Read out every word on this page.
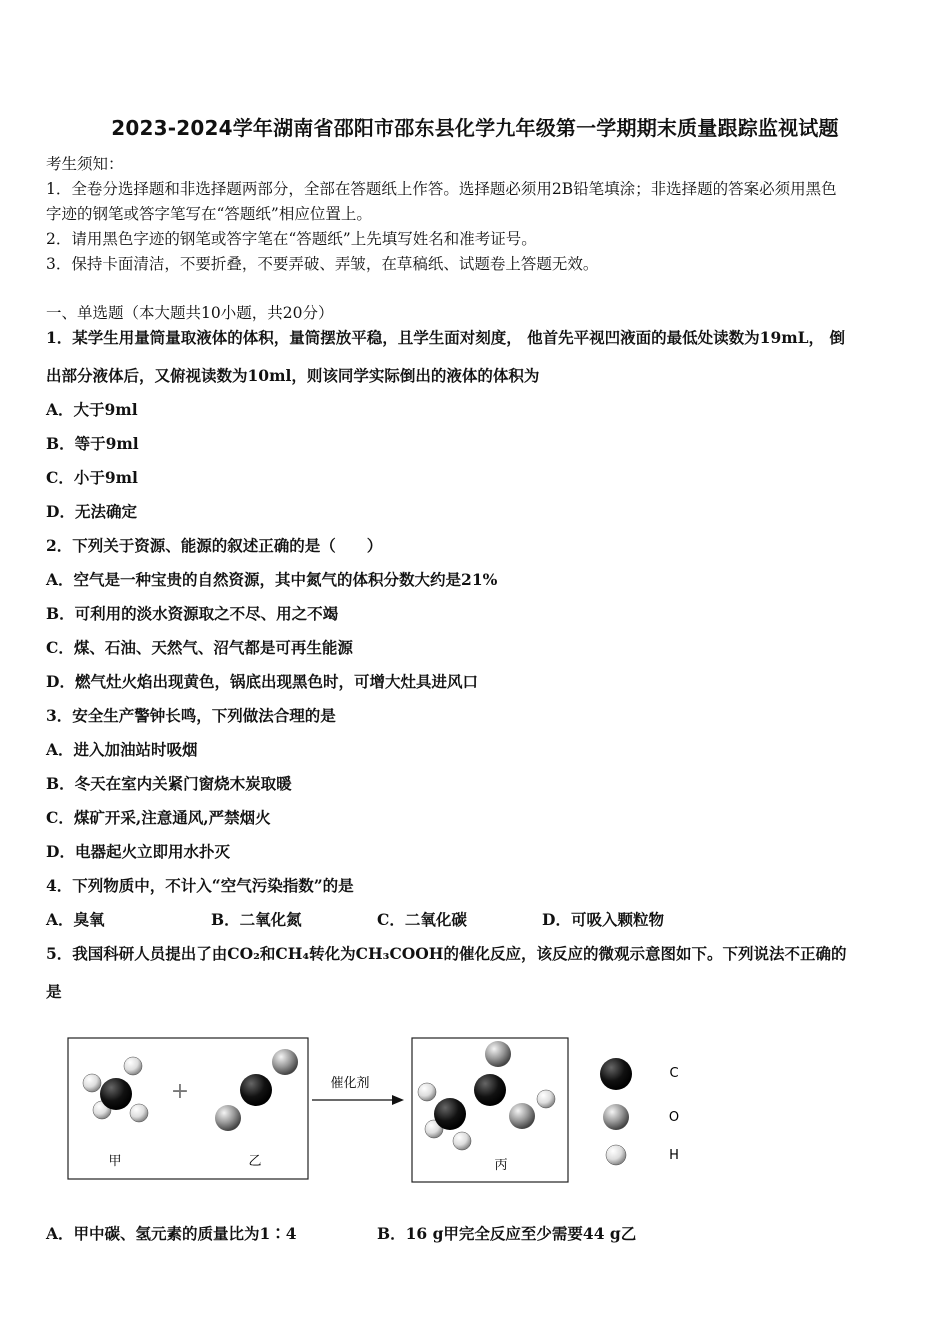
2023-2024学年湖南省邵阳市邵东县化学九年级第一学期期末质量跟踪监视试题
考生须知：
1．全卷分选择题和非选择题两部分，全部在答题纸上作答。选择题必须用2B铅笔填涂；非选择题的答案必须用黑色
字迹的钢笔或答字笔写在“答题纸”相应位置上。
2．请用黑色字迹的钢笔或答字笔在“答题纸”上先填写姓名和准考证号。
3．保持卡面清洁，不要折叠，不要弄破、弄皱，在草稿纸、试题卷上答题无效。
一、单选题（本大题共10小题，共20分）
1．某学生用量筒量取液体的体积，量筒摆放平稳，且学生面对刻度， 他首先平视凹液面的最低处读数为19mL， 倒
出部分液体后，又俯视读数为10ml，则该同学实际倒出的液体的体积为
A．大于9ml
B．等于9ml
C．小于9ml
D．无法确定
2．下列关于资源、能源的叙述正确的是（　　）
A．空气是一种宝贵的自然资源，其中氮气的体积分数大约是21%
B．可利用的淡水资源取之不尽、用之不竭
C．煤、石油、天然气、沼气都是可再生能源
D．燃气灶火焰出现黄色，锅底出现黑色时，可增大灶具进风口
3．安全生产警钟长鸣，下列做法合理的是
A．进入加油站时吸烟
B．冬天在室内关紧门窗烧木炭取暖
C．煤矿开采,注意通风,严禁烟火
D．电器起火立即用水扑灭
4．下列物质中，不计入“空气污染指数”的是
A．臭氧	B．二氧化氮	C．二氧化碳	D．可吸入颗粒物
5．我国科研人员提出了由CO₂和CH₄转化为CH₃COOH的催化反应，该反应的微观示意图如下。下列说法不正确的
是
+
甲	乙
催化剂
丙
C
O
H
A．甲中碳、氢元素的质量比为1∶4	B．16 g甲完全反应至少需要44 g乙
